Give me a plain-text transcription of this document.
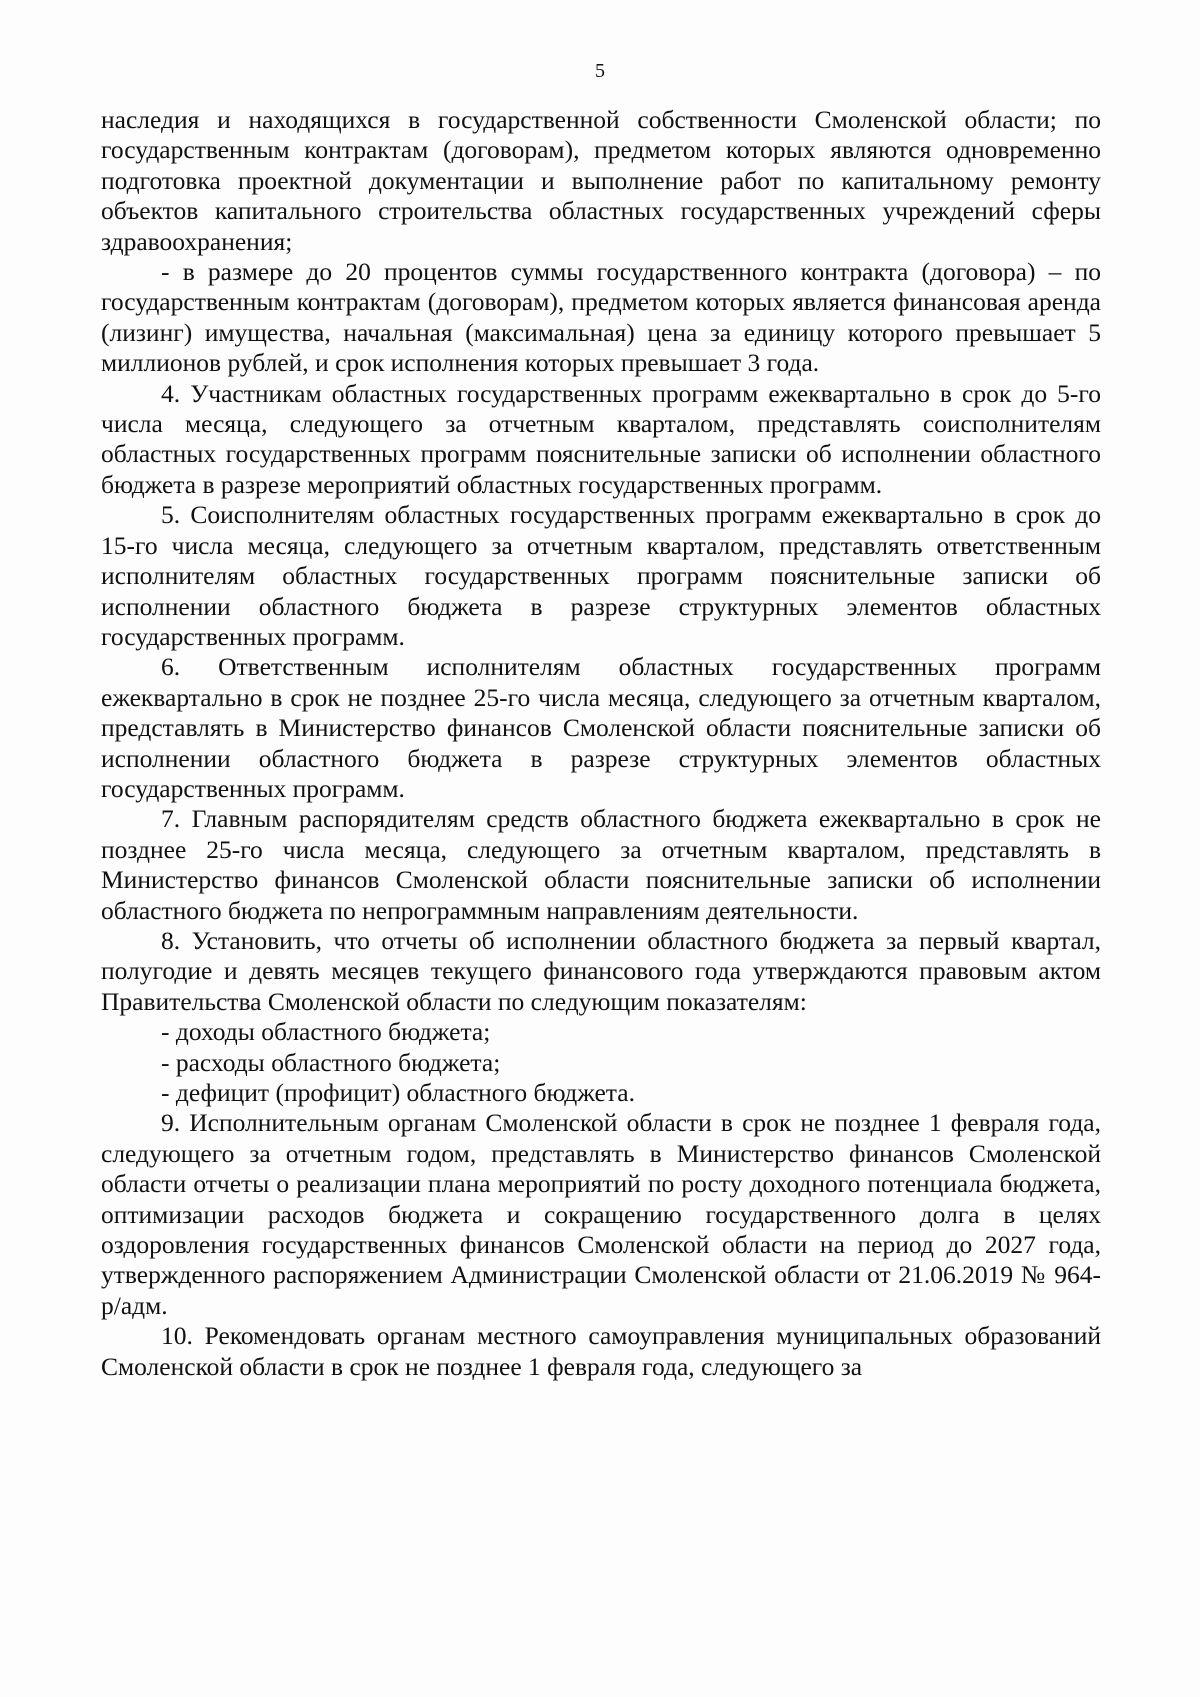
5

наследия и находящихся в государственной собственности Смоленской области; по государственным контрактам (договорам), предметом которых являются одновременно подготовка проектной документации и выполнение работ по капитальному ремонту объектов капитального строительства областных государственных учреждений сферы здравоохранения;

- в размере до 20 процентов суммы государственного контракта (договора) – по государственным контрактам (договорам), предметом которых является финансовая аренда (лизинг) имущества, начальная (максимальная) цена за единицу которого превышает 5 миллионов рублей, и срок исполнения которых превышает 3 года.

4. Участникам областных государственных программ ежеквартально в срок до 5-го числа месяца, следующего за отчетным кварталом, представлять соисполнителям областных государственных программ пояснительные записки об исполнении областного бюджета в разрезе мероприятий областных государственных программ.

5. Соисполнителям областных государственных программ ежеквартально в срок до 15-го числа месяца, следующего за отчетным кварталом, представлять ответственным исполнителям областных государственных программ пояснительные записки об исполнении областного бюджета в разрезе структурных элементов областных государственных программ.

6. Ответственным исполнителям областных государственных программ ежеквартально в срок не позднее 25-го числа месяца, следующего за отчетным кварталом, представлять в Министерство финансов Смоленской области пояснительные записки об исполнении областного бюджета в разрезе структурных элементов областных государственных программ.

7. Главным распорядителям средств областного бюджета ежеквартально в срок не позднее 25-го числа месяца, следующего за отчетным кварталом, представлять в Министерство финансов Смоленской области пояснительные записки об исполнении областного бюджета по непрограммным направлениям деятельности.

8. Установить, что отчеты об исполнении областного бюджета за первый квартал, полугодие и девять месяцев текущего финансового года утверждаются правовым актом Правительства Смоленской области по следующим показателям:

- доходы областного бюджета;

- расходы областного бюджета;

- дефицит (профицит) областного бюджета.

9. Исполнительным органам Смоленской области в срок не позднее 1 февраля года, следующего за отчетным годом, представлять в Министерство финансов Смоленской области отчеты о реализации плана мероприятий по росту доходного потенциала бюджета, оптимизации расходов бюджета и сокращению государственного долга в целях оздоровления государственных финансов Смоленской области на период до 2027 года, утвержденного распоряжением Администрации Смоленской области от 21.06.2019 № 964-р/адм.

10. Рекомендовать органам местного самоуправления муниципальных образований Смоленской области в срок не позднее 1 февраля года, следующего за
